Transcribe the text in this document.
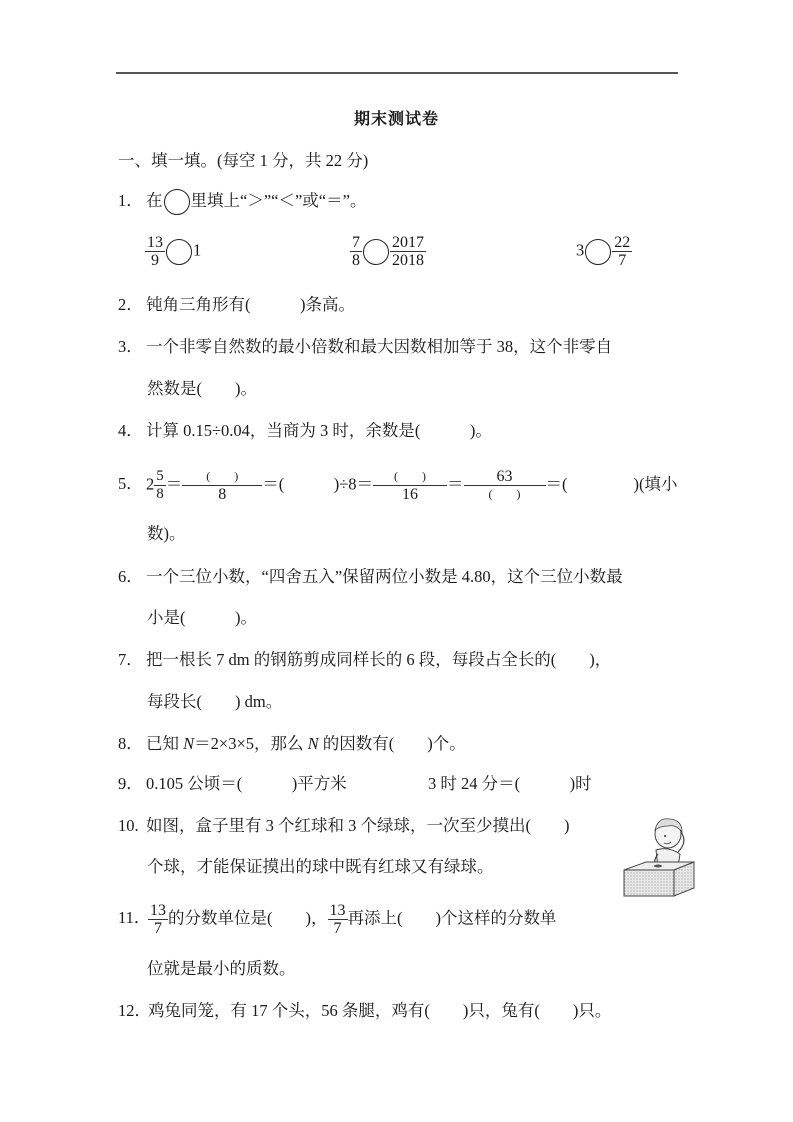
期末测试卷
一、填一填。(每空 1 分，共 22 分)
1． 在 里填上“＞”“＜”或“＝”。
$\frac{13}{9} 1$	$\frac{7}{8} \frac{2017}{2018}$	$3 \frac{22}{7}$
2． 钝角三角形有(　　　)条高。
3． 一个非零自然数的最小倍数和最大因数相加等于 38，这个非零自
然数是(　　)。
4． 计算 0.15÷0.04，当商为 3 时，余数是(　　　)。
5． $2 \frac{5}{8} = \frac{( )}{8}$ ＝(　　　)$\div 8= \frac{( )}{16} = \frac{63}{( )}$ ＝(　　　　)(填小
数)。
6． 一个三位小数，“四舍五入”保留两位小数是 4.80，这个三位小数最
小是(　　　)。
7． 把一根长 7 dm 的钢筋剪成同样长的 6 段，每段占全长的(　　)，
每段长(　　) dm。
8． 已知 N＝2×3×5，那么 N 的因数有(　　)个。
9． 0.105 公顷＝(　　　)平方米	3 时 24 分＝(　　　)时
10. 如图，盒子里有 3 个红球和 3 个绿球，一次至少摸出(　　)
个球，才能保证摸出的球中既有红球又有绿球。
11．
$\frac{13}{7}$ 的分数单位是(　　)， $\frac{13}{7}$ 再添上(　　)个这样的分数单
位就是最小的质数。
12．鸡兔同笼，有 17 个头，56 条腿，鸡有(　　)只，兔有(　　)只。
